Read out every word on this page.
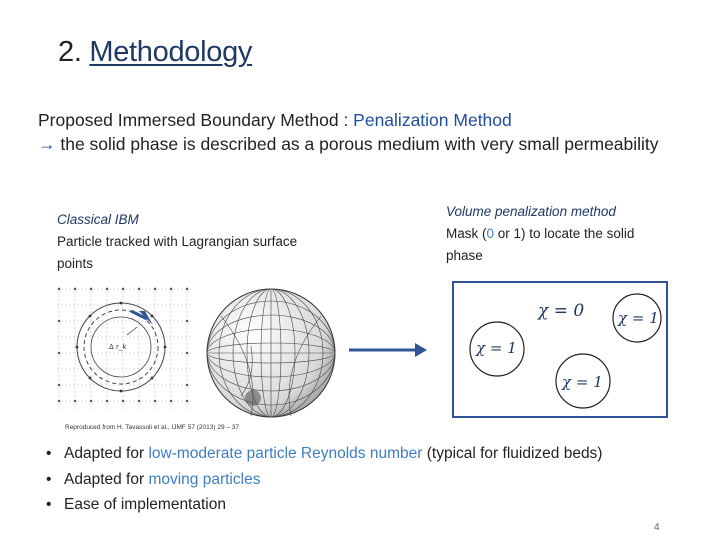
2. Methodology
Proposed Immersed Boundary Method : Penalization Method
→ the solid phase is described as a porous medium with very small permeability
Classical IBM
Particle tracked with Lagrangian surface
points
Volume penalization method
Mask (0 or 1) to locate the solid
phase
Δ r_k
χ = 0 χ = 1
χ = 1
χ = 1
Reproduced from H. Tavassoli et al., IJMF 57 (2013) 29 – 37
• Adapted for low-moderate particle Reynolds number (typical for fluidized beds)
• Adapted for moving particles
• Ease of implementation
4
